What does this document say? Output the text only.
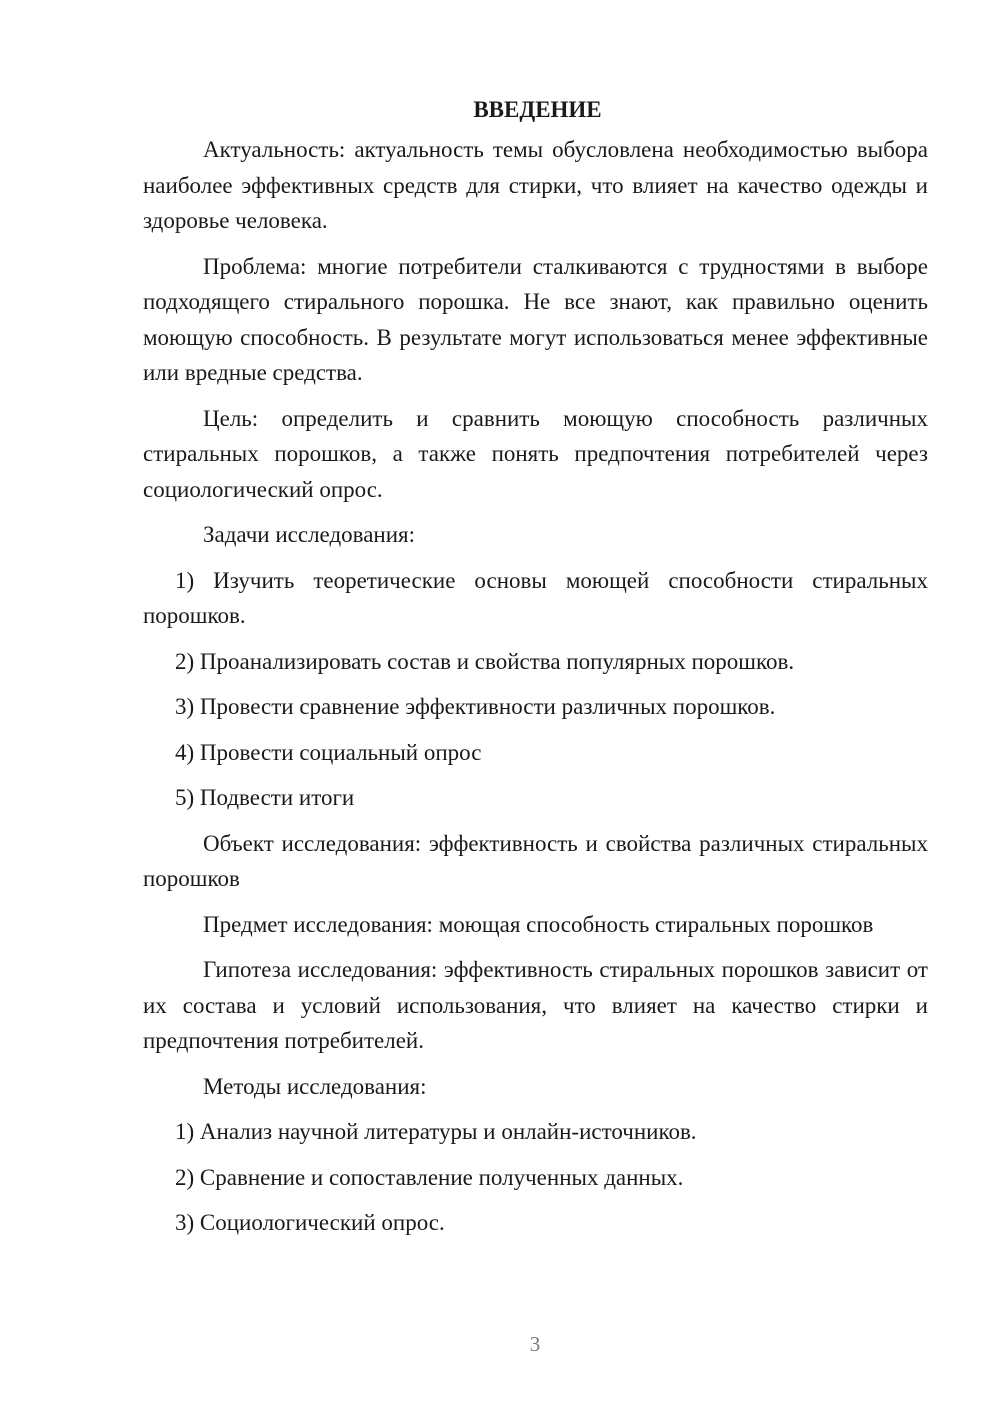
ВВЕДЕНИЕ

Актуальность: актуальность темы обусловлена необходимостью выбора наиболее эффективных средств для стирки, что влияет на качество одежды и здоровье человека.

Проблема: многие потребители сталкиваются с трудностями в выборе подходящего стирального порошка. Не все знают, как правильно оценить моющую способность. В результате могут использоваться менее эффективные или вредные средства.

Цель: определить и сравнить моющую способность различных стиральных порошков, а также понять предпочтения потребителей через социологический опрос.

Задачи исследования:

1) Изучить теоретические основы моющей способности стиральных порошков.

2) Проанализировать состав и свойства популярных порошков.

3) Провести сравнение эффективности различных порошков.

4) Провести социальный опрос

5) Подвести итоги

Объект исследования: эффективность и свойства различных стиральных порошков

Предмет исследования: моющая способность стиральных порошков

Гипотеза исследования: эффективность стиральных порошков зависит от их состава и условий использования, что влияет на качество стирки и предпочтения потребителей.

Методы исследования:

1) Анализ научной литературы и онлайн-источников.

2) Сравнение и сопоставление полученных данных.

3) Социологический опрос.

3
